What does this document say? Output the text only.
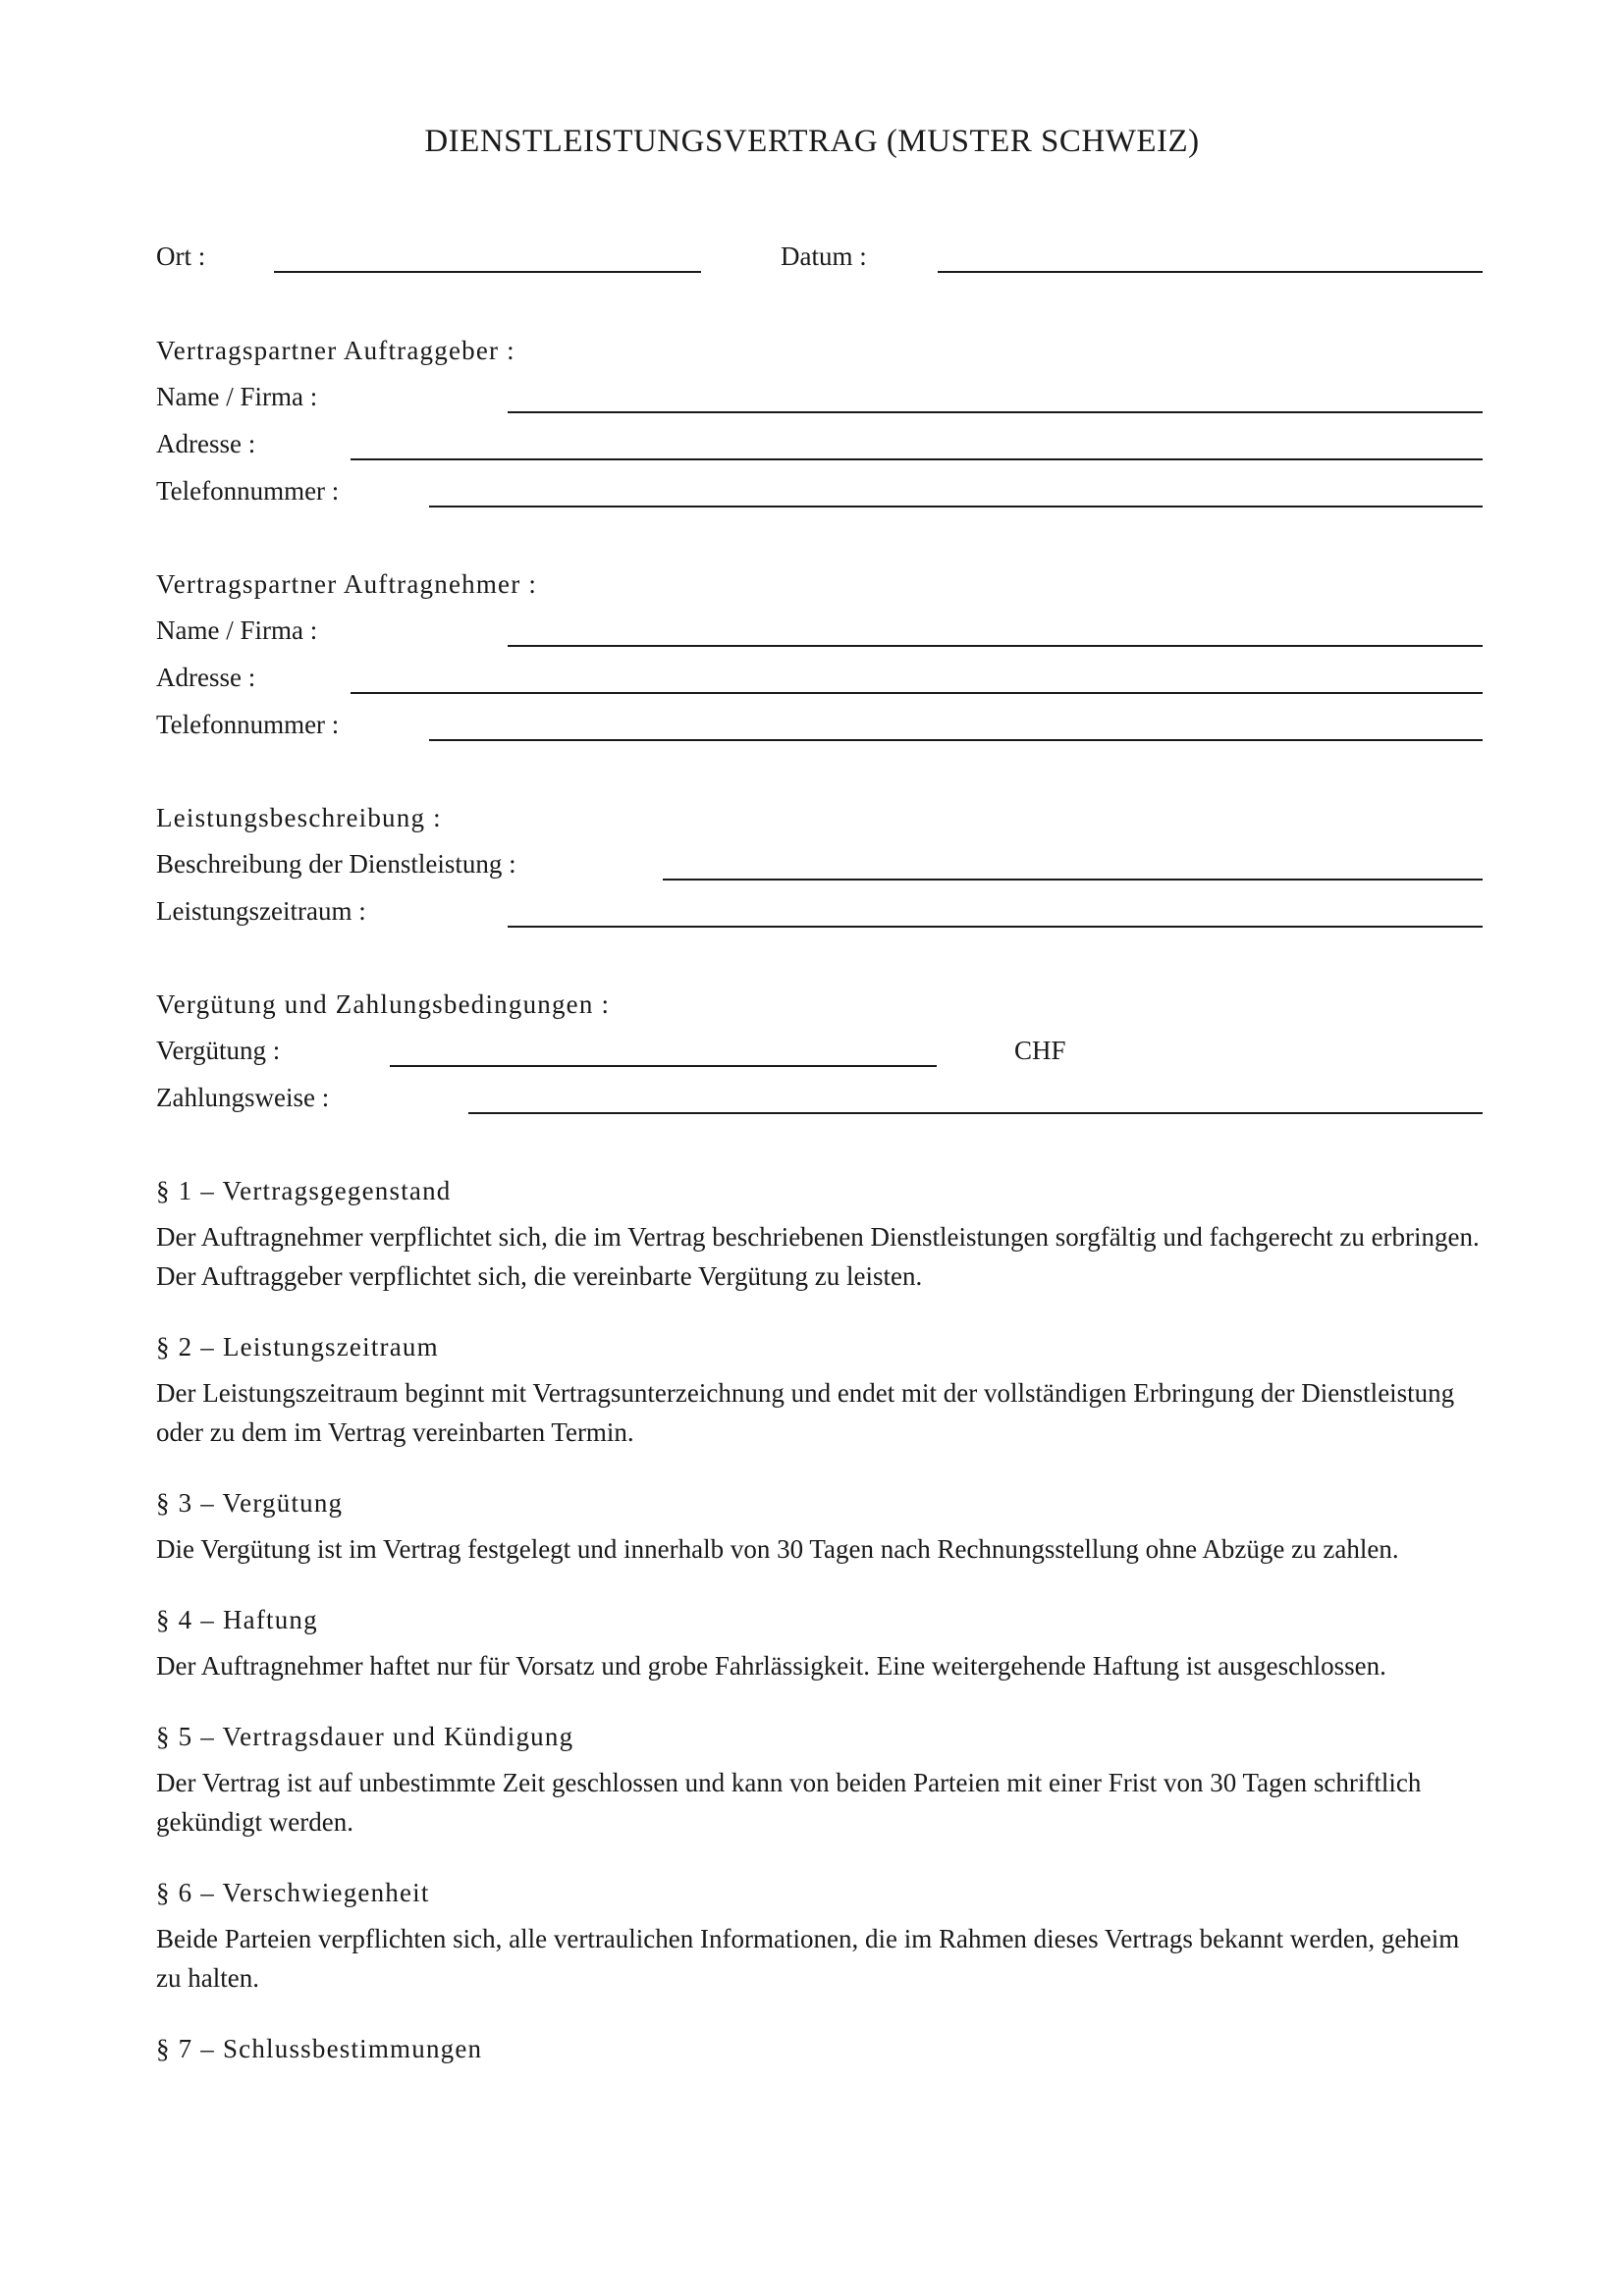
DIENSTLEISTUNGSVERTRAG (MUSTER SCHWEIZ)
Ort :	Datum :
Vertragspartner Auftraggeber :
Name / Firma :
Adresse :
Telefonnummer :
Vertragspartner Auftragnehmer :
Name / Firma :
Adresse :
Telefonnummer :
Leistungsbeschreibung :
Beschreibung der Dienstleistung :
Leistungszeitraum :
Vergütung und Zahlungsbedingungen :
Vergütung :	CHF
Zahlungsweise :
§ 1 – Vertragsgegenstand
Der Auftragnehmer verpflichtet sich, die im Vertrag beschriebenen Dienstleistungen sorgfältig und fachgerecht zu erbringen. Der Auftraggeber verpflichtet sich, die vereinbarte Vergütung zu leisten.
§ 2 – Leistungszeitraum
Der Leistungszeitraum beginnt mit Vertragsunterzeichnung und endet mit der vollständigen Erbringung der Dienstleistung oder zu dem im Vertrag vereinbarten Termin.
§ 3 – Vergütung
Die Vergütung ist im Vertrag festgelegt und innerhalb von 30 Tagen nach Rechnungsstellung ohne Abzüge zu zahlen.
§ 4 – Haftung
Der Auftragnehmer haftet nur für Vorsatz und grobe Fahrlässigkeit. Eine weitergehende Haftung ist ausgeschlossen.
§ 5 – Vertragsdauer und Kündigung
Der Vertrag ist auf unbestimmte Zeit geschlossen und kann von beiden Parteien mit einer Frist von 30 Tagen schriftlich gekündigt werden.
§ 6 – Verschwiegenheit
Beide Parteien verpflichten sich, alle vertraulichen Informationen, die im Rahmen dieses Vertrags bekannt werden, geheim zu halten.
§ 7 – Schlussbestimmungen
